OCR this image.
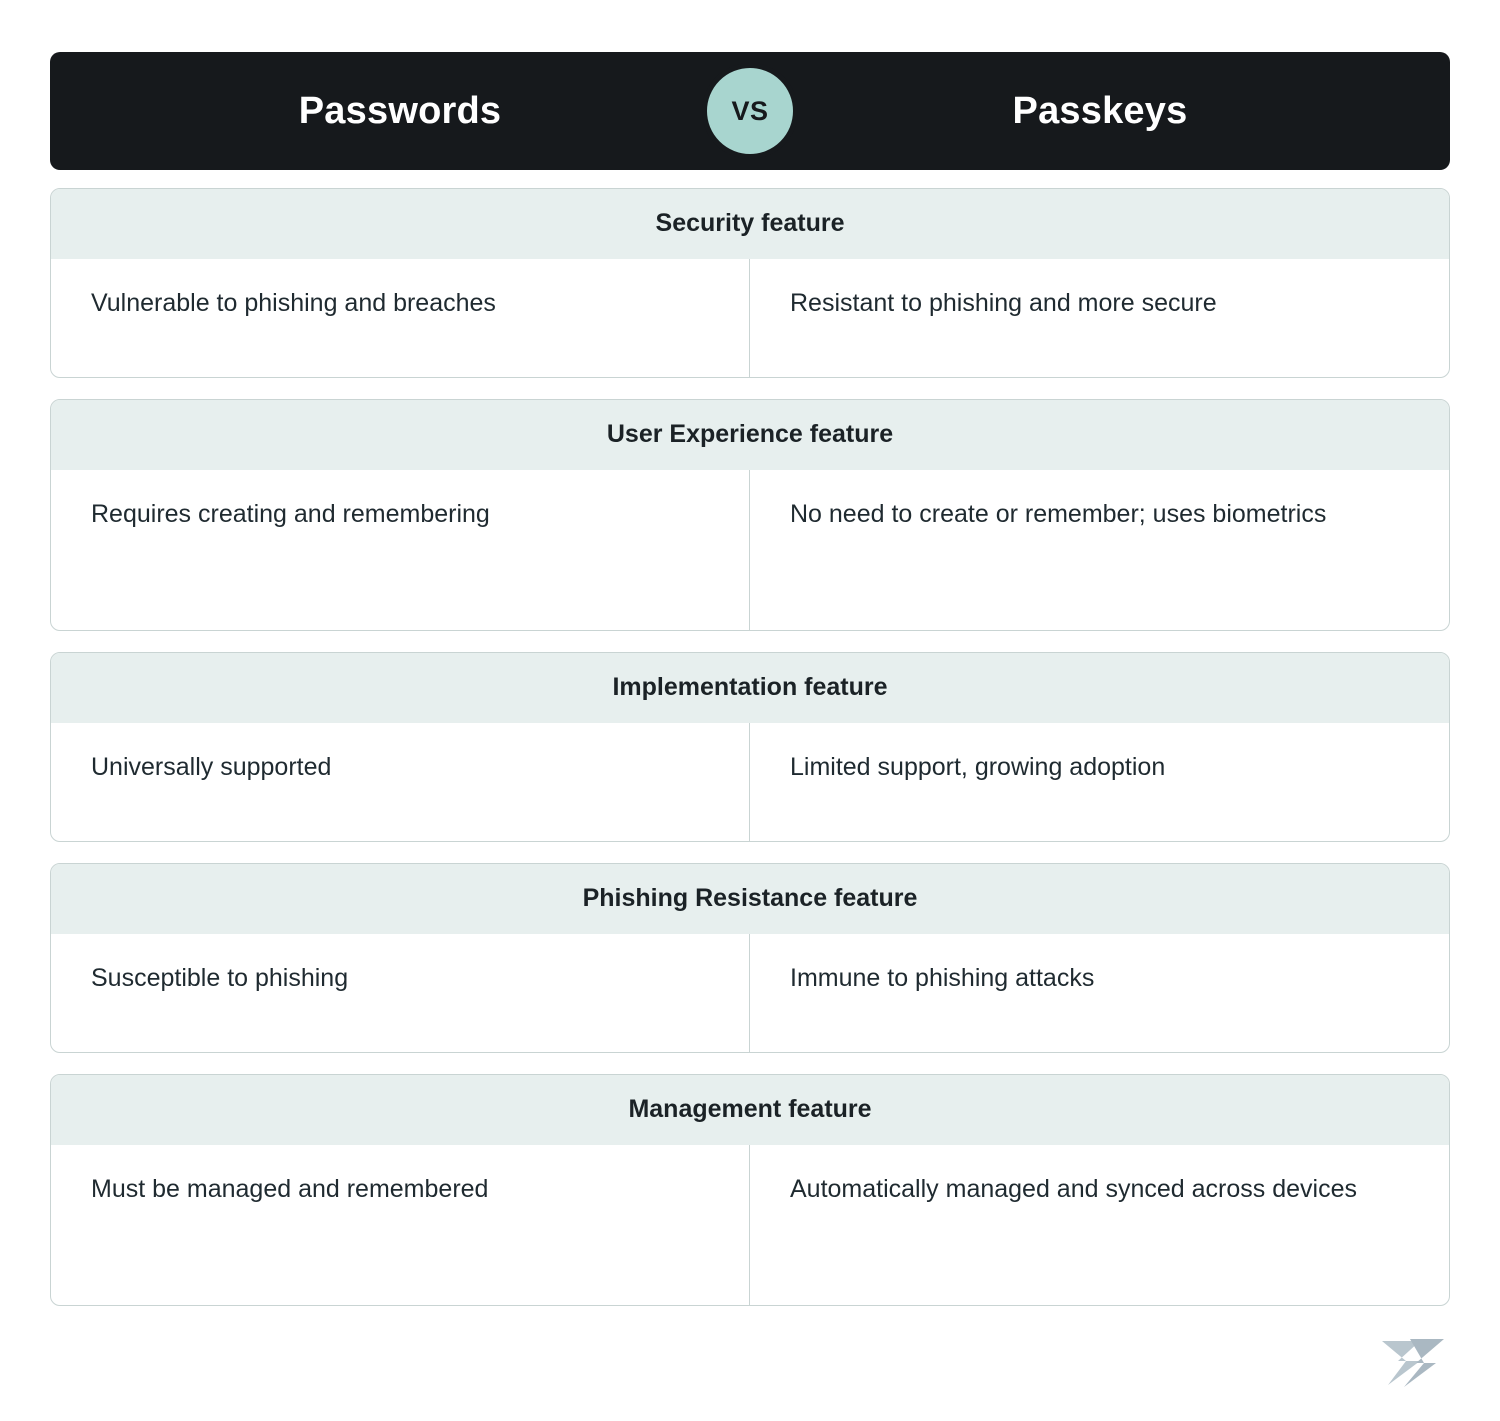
Passwords	VS	Passkeys
Security feature
Vulnerable to phishing and breaches	Resistant to phishing and more secure
User Experience feature
Requires creating and remembering	No need to create or remember; uses biometrics
Implementation feature
Universally supported	Limited support, growing adoption
Phishing Resistance feature
Susceptible to phishing	Immune to phishing attacks
Management feature
Must be managed and remembered	Automatically managed and synced across devices
